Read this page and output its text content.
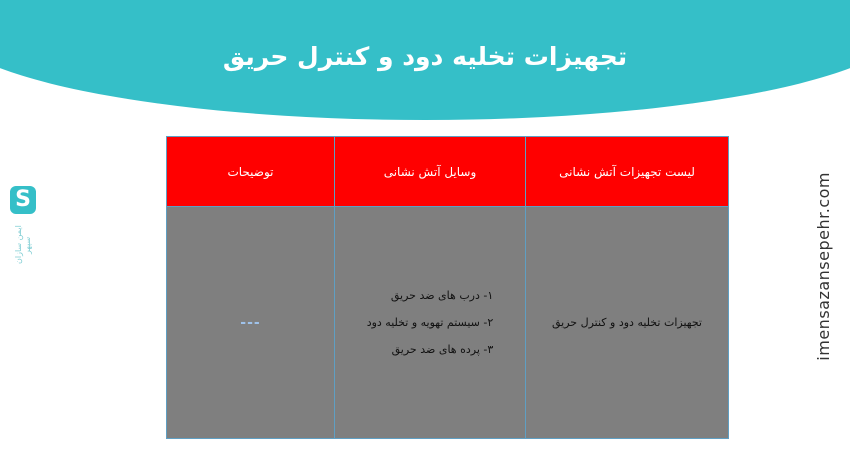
تجهیزات تخلیه دود و کنترل حریق
لیست تجهیزات آتش نشانی	وسایل آتش نشانی	توضیحات
تجهیزات تخلیه دود و کنترل حریق	۱- درب های ضد حریق
۲- سیستم تهویه و تخلیه دود
۳- پرده های ضد حریق	---	imensazansepehr.com
S
ایمن سازان سپهر
